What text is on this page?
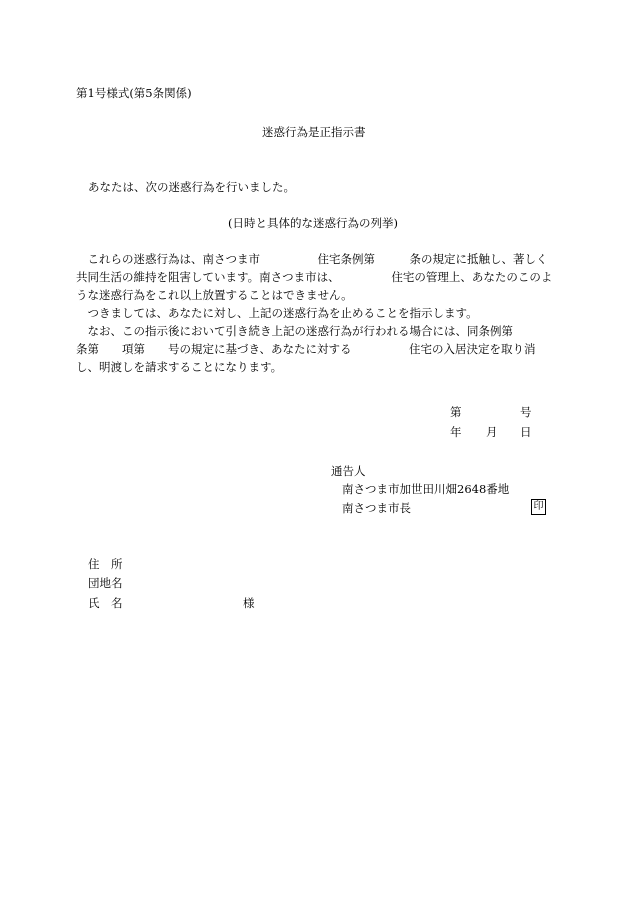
第1号様式(第5条関係)
迷惑行為是正指示書
あなたは、次の迷惑行為を行いました。
(日時と具体的な迷惑行為の列挙)

これらの迷惑行為は、南さつま市　　　　　住宅条例第　　　条の規定に抵触し、著しく共同生活の維持を阻害しています。南さつま市は、　　　　　住宅の管理上、あなたのこのような迷惑行為をこれ以上放置することはできません。

つきましては、あなたに対し、上記の迷惑行為を止めることを指示します。

なお、この指示後において引き続き上記の迷惑行為が行われる場合には、同条例第　　　条第　　項第　　号の規定に基づき、あなたに対する　　　　　住宅の入居決定を取り消し、明渡しを請求することになります。

第	号
年 月 日
通告人
南さつま市加世田川畑2648番地
南さつま市長	印
住　所
団地名
氏　名	様
